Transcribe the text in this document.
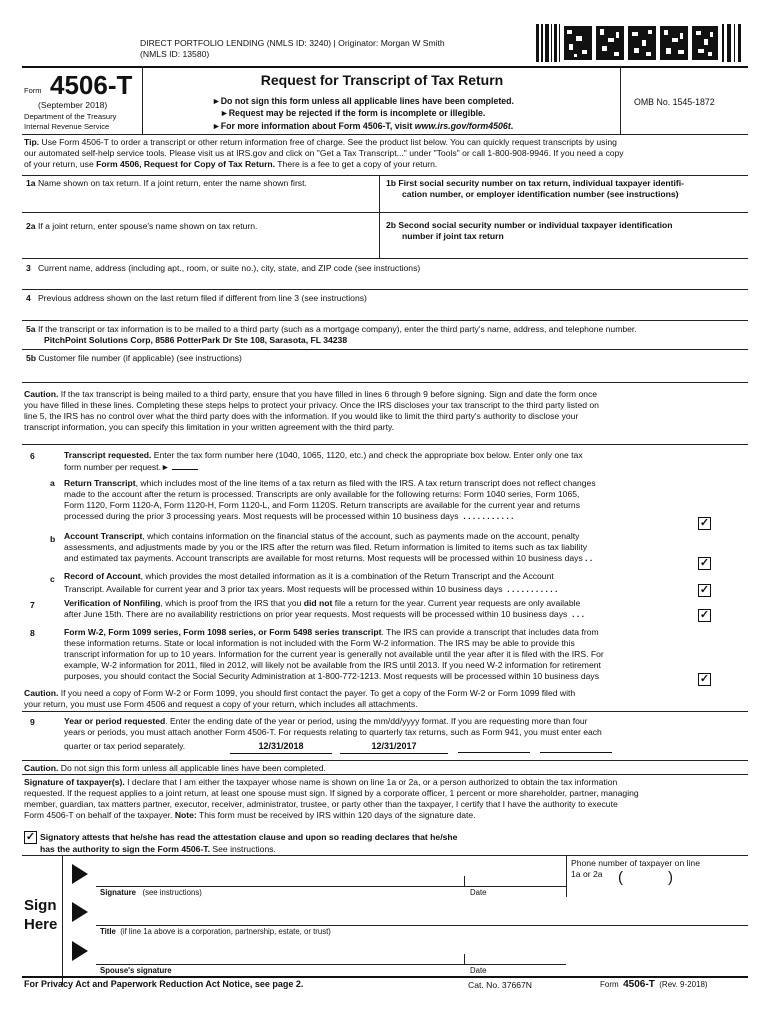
DIRECT PORTFOLIO LENDING (NMLS ID: 3240) | Originator: Morgan W Smith
(NMLS ID: 13580)
Form 4506-T
(September 2018)
Department of the Treasury
Internal Revenue Service
Request for Transcript of Tax Return
►Do not sign this form unless all applicable lines have been completed.
►Request may be rejected if the form is incomplete or illegible.
►For more information about Form 4506-T, visit www.irs.gov/form4506t.
OMB No. 1545-1872
Tip. Use Form 4506-T to order a transcript or other return information free of charge. See the product list below. You can quickly request transcripts by using
our automated self-help service tools. Please visit us at IRS.gov and click on "Get a Tax Transcript..." under "Tools" or call 1-800-908-9946. If you need a copy
of your return, use Form 4506, Request for Copy of Tax Return. There is a fee to get a copy of your return.
1a Name shown on tax return. If a joint return, enter the name shown first.	1b First social security number on tax return, individual taxpayer identifi-
cation number, or employer identification number (see instructions)
2a If a joint return, enter spouse's name shown on tax return.	2b Second social security number or individual taxpayer identification
number if joint tax return
3 Current name, address (including apt., room, or suite no.), city, state, and ZIP code (see instructions)
4 Previous address shown on the last return filed if different from line 3 (see instructions)
5a If the transcript or tax information is to be mailed to a third party (such as a mortgage company), enter the third party's name, address, and telephone number.
PitchPoint Solutions Corp, 8586 PotterPark Dr Ste 108, Sarasota, FL 34238
5b Customer file number (if applicable) (see instructions)
Caution. If the tax transcript is being mailed to a third party, ensure that you have filled in lines 6 through 9 before signing. Sign and date the form once
you have filled in these lines. Completing these steps helps to protect your privacy. Once the IRS discloses your tax transcript to the third party listed on
line 5, the IRS has no control over what the third party does with the information. If you would like to limit the third party's authority to disclose your
transcript information, you can specify this limitation in your written agreement with the third party.
6	Transcript requested. Enter the tax form number here (1040, 1065, 1120, etc.) and check the appropriate box below. Enter only one tax
form number per request.►
a Return Transcript, which includes most of the line items of a tax return as filed with the IRS. A tax return transcript does not reflect changes
made to the account after the return is processed. Transcripts are only available for the following returns: Form 1040 series, Form 1065,
Form 1120, Form 1120-A, Form 1120-H, Form 1120-L, and Form 1120S. Return transcripts are available for the current year and returns
processed during the prior 3 processing years. Most requests will be processed within 10 business days . . . . . . . . . . .
✓
b Account Transcript, which contains information on the financial status of the account, such as payments made on the account, penalty
assessments, and adjustments made by you or the IRS after the return was filed. Return information is limited to items such as tax liability
and estimated tax payments. Account transcripts are available for most returns. Most requests will be processed within 10 business days . .	✓
c Record of Account, which provides the most detailed information as it is a combination of the Return Transcript and the Account
Transcript. Available for current year and 3 prior tax years. Most requests will be processed within 10 business days . . . . . . . . . . .	✓
7	Verification of Nonfiling, which is proof from the IRS that you did not file a return for the year. Current year requests are only available
after June 15th. There are no availability restrictions on prior year requests. Most requests will be processed within 10 business days . . .	✓
8	Form W-2, Form 1099 series, Form 1098 series, or Form 5498 series transcript. The IRS can provide a transcript that includes data from
these information returns. State or local information is not included with the Form W-2 information. The IRS may be able to provide this
transcript information for up to 10 years. Information for the current year is generally not available until the year after it is filed with the IRS. For
example, W-2 information for 2011, filed in 2012, will likely not be available from the IRS until 2013. If you need W-2 information for retirement
purposes, you should contact the Social Security Administration at 1-800-772-1213. Most requests will be processed within 10 business days	✓
Caution. If you need a copy of Form W-2 or Form 1099, you should first contact the payer. To get a copy of the Form W-2 or Form 1099 filed with
your return, you must use Form 4506 and request a copy of your return, which includes all attachments.
9	Year or period requested. Enter the ending date of the year or period, using the mm/dd/yyyy format. If you are requesting more than four
years or periods, you must attach another Form 4506-T. For requests relating to quarterly tax returns, such as Form 941, you must enter each
quarter or tax period separately.	12/31/2018	12/31/2017
Caution. Do not sign this form unless all applicable lines have been completed.
Signature of taxpayer(s). I declare that I am either the taxpayer whose name is shown on line 1a or 2a, or a person authorized to obtain the tax information
requested. If the request applies to a joint return, at least one spouse must sign. If signed by a corporate officer, 1 percent or more shareholder, partner, managing
member, guardian, tax matters partner, executor, receiver, administrator, trustee, or party other than the taxpayer, I certify that I have the authority to execute
Form 4506-T on behalf of the taxpayer. Note: This form must be received by IRS within 120 days of the signature date.
✓ Signatory attests that he/she has read the attestation clause and upon so reading declares that he/she
has the authority to sign the Form 4506-T. See instructions.
Sign
Here
Signature (see instructions)	Date
Phone number of taxpayer on line
1a or 2a	(	)
Title (if line 1a above is a corporation, partnership, estate, or trust)
Spouse's signature	Date
For Privacy Act and Paperwork Reduction Act Notice, see page 2.	Cat. No. 37667N	Form 4506-T (Rev. 9-2018)
